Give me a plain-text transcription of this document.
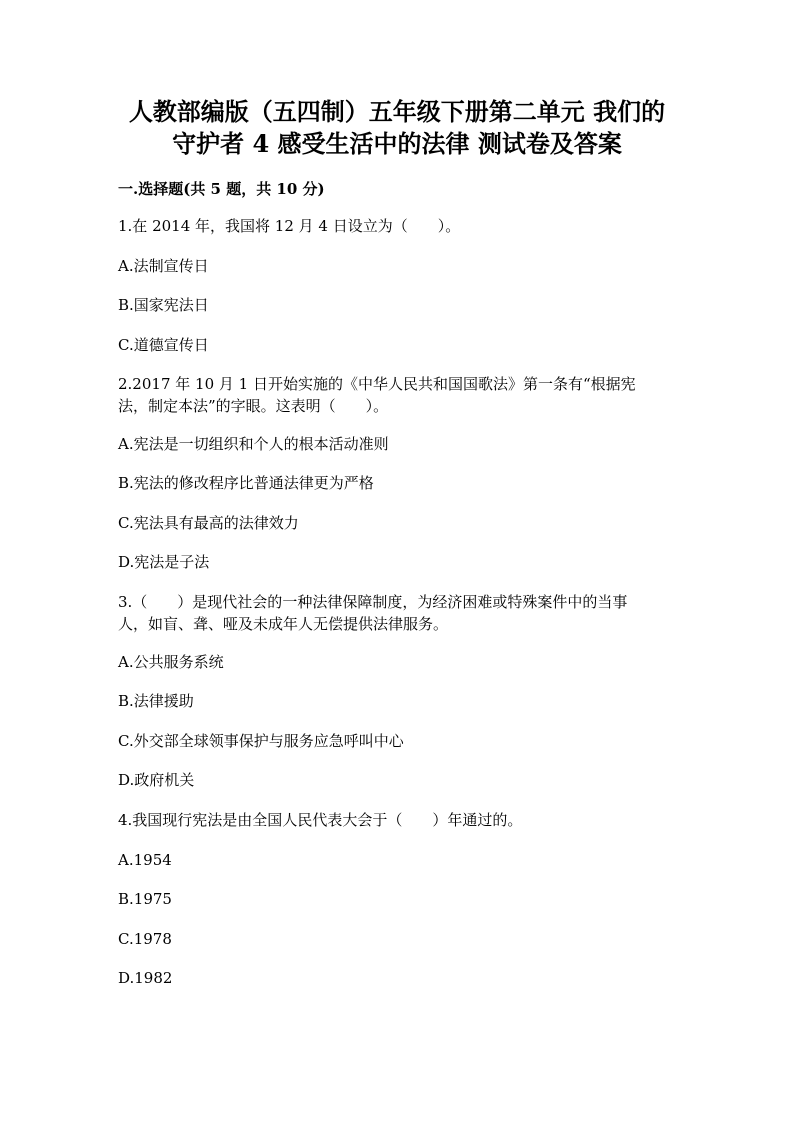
人教部编版（五四制）五年级下册第二单元 我们的
守护者 4 感受生活中的法律 测试卷及答案
一.选择题(共 5 题，共 10 分)
1.在 2014 年，我国将 12 月 4 日设立为（　　）。
A.法制宣传日
B.国家宪法日
C.道德宣传日
2.2017 年 10 月 1 日开始实施的《中华人民共和国国歌法》第一条有“根据宪
法，制定本法”的字眼。这表明（　　）。
A.宪法是一切组织和个人的根本活动准则
B.宪法的修改程序比普通法律更为严格
C.宪法具有最高的法律效力
D.宪法是子法
3.（　　）是现代社会的一种法律保障制度，为经济困难或特殊案件中的当事
人，如盲、聋、哑及未成年人无偿提供法律服务。
A.公共服务系统
B.法律援助
C.外交部全球领事保护与服务应急呼叫中心
D.政府机关
4.我国现行宪法是由全国人民代表大会于（　　）年通过的。
A.1954
B.1975
C.1978
D.1982
